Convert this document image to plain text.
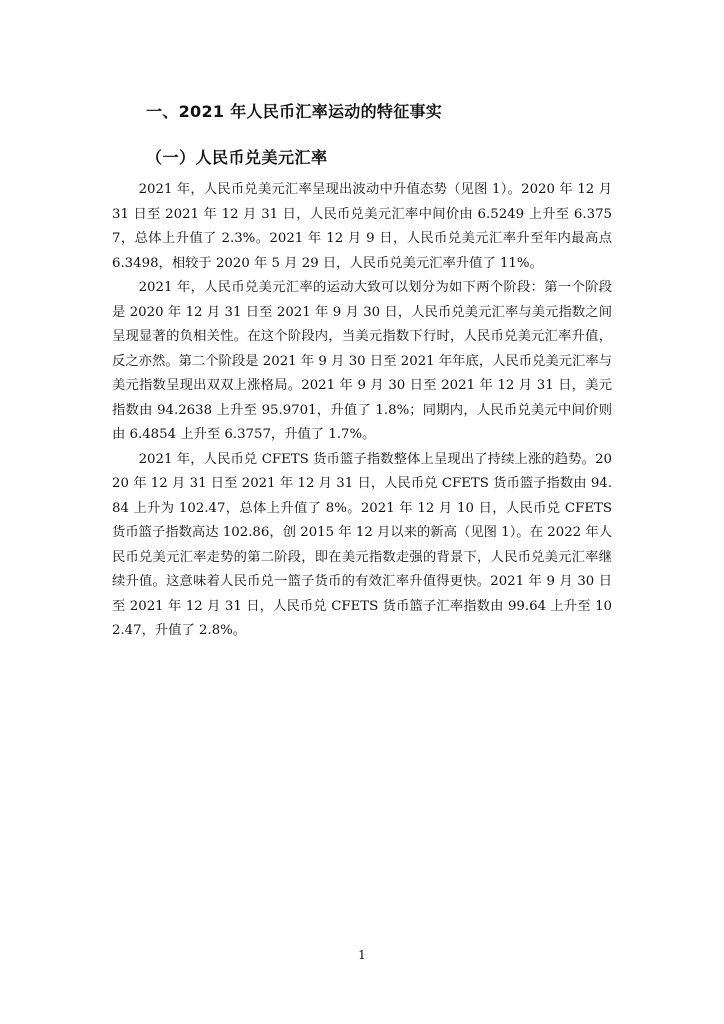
一、2021 年人民币汇率运动的特征事实
（一）人民币兑美元汇率

2021 年，人民币兑美元汇率呈现出波动中升值态势（见图 1）。2020 年 12 月 31 日至 2021 年 12 月 31 日，人民币兑美元汇率中间价由 6.5249 上升至 6.3757，总体上升值了 2.3%。2021 年 12 月 9 日，人民币兑美元汇率升至年内最高点 6.3498，相较于 2020 年 5 月 29 日，人民币兑美元汇率升值了 11%。

2021 年，人民币兑美元汇率的运动大致可以划分为如下两个阶段：第一个阶段是 2020 年 12 月 31 日至 2021 年 9 月 30 日，人民币兑美元汇率与美元指数之间呈现显著的负相关性。在这个阶段内，当美元指数下行时，人民币兑美元汇率升值，反之亦然。第二个阶段是 2021 年 9 月 30 日至 2021 年年底，人民币兑美元汇率与美元指数呈现出双双上涨格局。2021 年 9 月 30 日至 2021 年 12 月 31 日，美元指数由 94.2638 上升至 95.9701，升值了 1.8%；同期内，人民币兑美元中间价则由 6.4854 上升至 6.3757，升值了 1.7%。

2021 年，人民币兑 CFETS 货币篮子指数整体上呈现出了持续上涨的趋势。2020 年 12 月 31 日至 2021 年 12 月 31 日，人民币兑 CFETS 货币篮子指数由 94.84 上升为 102.47，总体上升值了 8%。2021 年 12 月 10 日，人民币兑 CFETS 货币篮子指数高达 102.86，创 2015 年 12 月以来的新高（见图 1）。在 2022 年人民币兑美元汇率走势的第二阶段，即在美元指数走强的背景下，人民币兑美元汇率继续升值。这意味着人民币兑一篮子货币的有效汇率升值得更快。2021 年 9 月 30 日至 2021 年 12 月 31 日，人民币兑 CFETS 货币篮子汇率指数由 99.64 上升至 102.47，升值了 2.8%。

1
